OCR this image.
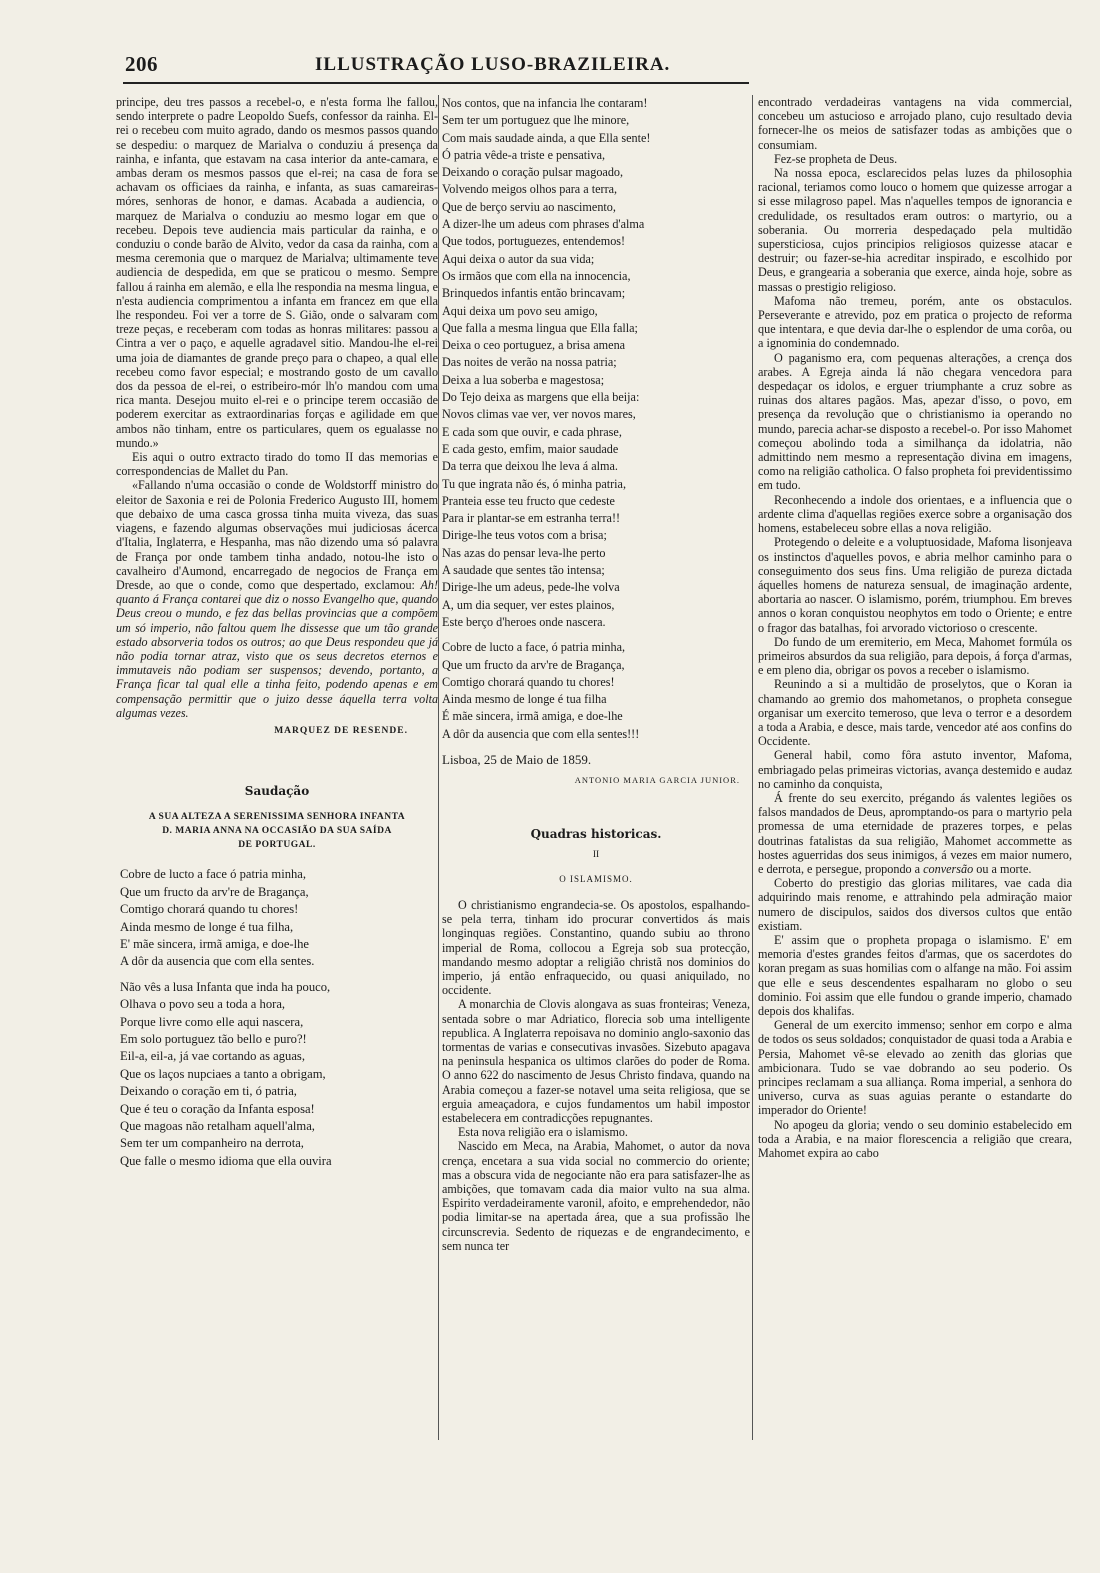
206	ILLUSTRAÇÃO LUSO-BRAZILEIRA.

principe, deu tres passos a recebel-o, e n'esta forma lhe fallou, sendo interprete o padre Leopoldo Suefs, confessor da rainha. El-rei o recebeu com muito agrado, dando os mesmos passos quando se despediu: o marquez de Marialva o conduziu á presença da rainha, e infanta, que estavam na casa interior da ante-camara, e ambas deram os mesmos passos que el-rei; na casa de fora se achavam os officiaes da rainha, e infanta, as suas camareiras-móres, senhoras de honor, e damas. Acabada a audiencia, o marquez de Marialva o conduziu ao mesmo logar em que o recebeu. Depois teve audiencia mais particular da rainha, e o conduziu o conde barão de Alvito, vedor da casa da rainha, com a mesma ceremonia que o marquez de Marialva; ultimamente teve audiencia de despedida, em que se praticou o mesmo. Sempre fallou á rainha em alemão, e ella lhe respondia na mesma lingua, e n'esta audiencia comprimentou a infanta em francez em que ella lhe respondeu. Foi ver a torre de S. Gião, onde o salvaram com treze peças, e receberam com todas as honras militares: passou a Cintra a ver o paço, e aquelle agradavel sitio. Mandou-lhe el-rei uma joia de diamantes de grande preço para o chapeo, a qual elle recebeu como favor especial; e mostrando gosto de um cavallo dos da pessoa de el-rei, o estribeiro-mór lh'o mandou com uma rica manta. Desejou muito el-rei e o principe terem occasião de poderem exercitar as extraordinarias forças e agilidade em que ambos não tinham, entre os particulares, quem os egualasse no mundo.»

Eis aqui o outro extracto tirado do tomo II das memorias e correspondencias de Mallet du Pan.

«Fallando n'uma occasião o conde de Woldstorff ministro do eleitor de Saxonia e rei de Polonia Frederico Augusto III, homem que debaixo de uma casca grossa tinha muita viveza, das suas viagens, e fazendo algumas observações mui judiciosas ácerca d'Italia, Inglaterra, e Hespanha, mas não dizendo uma só palavra de França por onde tambem tinha andado, notou-lhe isto o cavalheiro d'Aumond, encarregado de negocios de França em Dresde, ao que o conde, como que despertado, exclamou: Ah! quanto á França contarei que diz o nosso Evangelho que, quando Deus creou o mundo, e fez das bellas provincias que a compõem um só imperio, não faltou quem lhe dissesse que um tão grande estado absorveria todos os outros; ao que Deus respondeu que já não podia tornar atraz, visto que os seus decretos eternos e immutaveis não podiam ser suspensos; devendo, portanto, a França ficar tal qual elle a tinha feito, podendo apenas e em compensação permittir que o juizo desse áquella terra volta algumas vezes.

MARQUEZ DE RESENDE.
Saudação
A SUA ALTEZA A SERENISSIMA SENHORA INFANTA
D. MARIA ANNA NA OCCASIÃO DA SUA SAÍDA
DE PORTUGAL.
Cobre de lucto a face ó patria minha,
Que um fructo da arv're de Bragança,
Comtigo chorará quando tu chores!
Ainda mesmo de longe é tua filha,
E' mãe sincera, irmã amiga, e doe-lhe
A dôr da ausencia que com ella sentes.
Não vês a lusa Infanta que inda ha pouco,
Olhava o povo seu a toda a hora,
Porque livre como elle aqui nascera,
Em solo portuguez tão bello e puro?!
Eil-a, eil-a, já vae cortando as aguas,
Que os laços nupciaes a tanto a obrigam,
Deixando o coração em ti, ó patria,
Que é teu o coração da Infanta esposa!
Que magoas não retalham aquell'alma,
Sem ter um companheiro na derrota,
Que falle o mesmo idioma que ella ouvira
Nos contos, que na infancia lhe contaram!
Sem ter um portuguez que lhe minore,
Com mais saudade ainda, a que Ella sente!
Ó patria vêde-a triste e pensativa,
Deixando o coração pulsar magoado,
Volvendo meigos olhos para a terra,
Que de berço serviu ao nascimento,
A dizer-lhe um adeus com phrases d'alma
Que todos, portuguezes, entendemos!
Aqui deixa o autor da sua vida;
Os irmãos que com ella na innocencia,
Brinquedos infantis então brincavam;
Aqui deixa um povo seu amigo,
Que falla a mesma lingua que Ella falla;
Deixa o ceo portuguez, a brisa amena
Das noites de verão na nossa patria;
Deixa a lua soberba e magestosa;
Do Tejo deixa as margens que ella beija:
Novos climas vae ver, ver novos mares,
E cada som que ouvir, e cada phrase,
E cada gesto, emfim, maior saudade
Da terra que deixou lhe leva á alma.
Tu que ingrata não és, ó minha patria,
Pranteia esse teu fructo que cedeste
Para ir plantar-se em estranha terra!!
Dirige-lhe teus votos com a brisa;
Nas azas do pensar leva-lhe perto
A saudade que sentes tão intensa;
Dirige-lhe um adeus, pede-lhe volva
A, um dia sequer, ver estes plainos,
Este berço d'heroes onde nascera.
Cobre de lucto a face, ó patria minha,
Que um fructo da arv're de Bragança,
Comtigo chorará quando tu chores!
Ainda mesmo de longe é tua filha
É mãe sincera, irmã amiga, e doe-lhe
A dôr da ausencia que com ella sentes!!!
Lisboa, 25 de Maio de 1859.
ANTONIO MARIA GARCIA JUNIOR.
Quadras historicas.
II
O ISLAMISMO.

O christianismo engrandecia-se. Os apostolos, espalhando-se pela terra, tinham ido procurar convertidos ás mais longinquas regiões. Constantino, quando subiu ao throno imperial de Roma, collocou a Egreja sob sua protecção, mandando mesmo adoptar a religião christã nos dominios do imperio, já então enfraquecido, ou quasi aniquilado, no occidente.

A monarchia de Clovis alongava as suas fronteiras; Veneza, sentada sobre o mar Adriatico, florecia sob uma intelligente republica. A Inglaterra repoisava no dominio anglo-saxonio das tormentas de varias e consecutivas invasões. Sizebuto apagava na peninsula hespanica os ultimos clarões do poder de Roma. O anno 622 do nascimento de Jesus Christo findava, quando na Arabia começou a fazer-se notavel uma seita religiosa, que se erguia ameaçadora, e cujos fundamentos um habil impostor estabelecera em contradicções repugnantes.

Esta nova religião era o islamismo.

Nascido em Meca, na Arabia, Mahomet, o autor da nova crença, encetara a sua vida social no commercio do oriente; mas a obscura vida de negociante não era para satisfazer-lhe as ambições, que tomavam cada dia maior vulto na sua alma. Espirito verdadeiramente varonil, afoito, e emprehendedor, não podia limitar-se na apertada área, que a sua profissão lhe circunscrevia. Sedento de riquezas e de engrandecimento, e sem nunca ter

encontrado verdadeiras vantagens na vida commercial, concebeu um astucioso e arrojado plano, cujo resultado devia fornecer-lhe os meios de satisfazer todas as ambições que o consumiam.

Fez-se propheta de Deus.

Na nossa epoca, esclarecidos pelas luzes da philosophia racional, teriamos como louco o homem que quizesse arrogar a si esse milagroso papel. Mas n'aquelles tempos de ignorancia e credulidade, os resultados eram outros: o martyrio, ou a soberania. Ou morreria despedaçado pela multidão supersticiosa, cujos principios religiosos quizesse atacar e destruir; ou fazer-se-hia acreditar inspirado, e escolhido por Deus, e grangearia a soberania que exerce, ainda hoje, sobre as massas o prestigio religioso.

Mafoma não tremeu, porém, ante os obstaculos. Perseverante e atrevido, poz em pratica o projecto de reforma que intentara, e que devia dar-lhe o esplendor de uma corôa, ou a ignominia do condemnado.

O paganismo era, com pequenas alterações, a crença dos arabes. A Egreja ainda lá não chegara vencedora para despedaçar os idolos, e erguer triumphante a cruz sobre as ruinas dos altares pagãos. Mas, apezar d'isso, o povo, em presença da revolução que o christianismo ia operando no mundo, parecia achar-se disposto a recebel-o. Por isso Mahomet começou abolindo toda a similhança da idolatria, não admittindo nem mesmo a representação divina em imagens, como na religião catholica. O falso propheta foi previdentissimo em tudo.

Reconhecendo a indole dos orientaes, e a influencia que o ardente clima d'aquellas regiões exerce sobre a organisação dos homens, estabeleceu sobre ellas a nova religião.

Protegendo o deleite e a voluptuosidade, Mafoma lisonjeava os instinctos d'aquelles povos, e abria melhor caminho para o conseguimento dos seus fins. Uma religião de pureza dictada áquelles homens de natureza sensual, de imaginação ardente, abortaria ao nascer. O islamismo, porém, triumphou. Em breves annos o koran conquistou neophytos em todo o Oriente; e entre o fragor das batalhas, foi arvorado victorioso o crescente.

Do fundo de um eremiterio, em Meca, Mahomet formúla os primeiros absurdos da sua religião, para depois, á força d'armas, e em pleno dia, obrigar os povos a receber o islamismo.

Reunindo a si a multidão de proselytos, que o Koran ia chamando ao gremio dos mahometanos, o propheta consegue organisar um exercito temeroso, que leva o terror e a desordem a toda a Arabia, e desce, mais tarde, vencedor até aos confins do Occidente.

General habil, como fôra astuto inventor, Mafoma, embriagado pelas primeiras victorias, avança destemido e audaz no caminho da conquista,

Á frente do seu exercito, prégando ás valentes legiões os falsos mandados de Deus, apromptando-os para o martyrio pela promessa de uma eternidade de prazeres torpes, e pelas doutrinas fatalistas da sua religião, Mahomet accommette as hostes aguerridas dos seus inimigos, á vezes em maior numero, e derrota, e persegue, propondo a conversão ou a morte.

Coberto do prestigio das glorias militares, vae cada dia adquirindo mais renome, e attrahindo pela admiração maior numero de discipulos, saidos dos diversos cultos que então existiam.

E' assim que o propheta propaga o islamismo. E' em memoria d'estes grandes feitos d'armas, que os sacerdotes do koran pregam as suas homilias com o alfange na mão. Foi assim que elle e seus descendentes espalharam no globo o seu dominio. Foi assim que elle fundou o grande imperio, chamado depois dos khalifas.

General de um exercito immenso; senhor em corpo e alma de todos os seus soldados; conquistador de quasi toda a Arabia e Persia, Mahomet vê-se elevado ao zenith das glorias que ambicionara. Tudo se vae dobrando ao seu poderio. Os principes reclamam a sua alliança. Roma imperial, a senhora do universo, curva as suas aguias perante o estandarte do imperador do Oriente!

No apogeu da gloria; vendo o seu dominio estabelecido em toda a Arabia, e na maior florescencia a religião que creara, Mahomet expira ao cabo
